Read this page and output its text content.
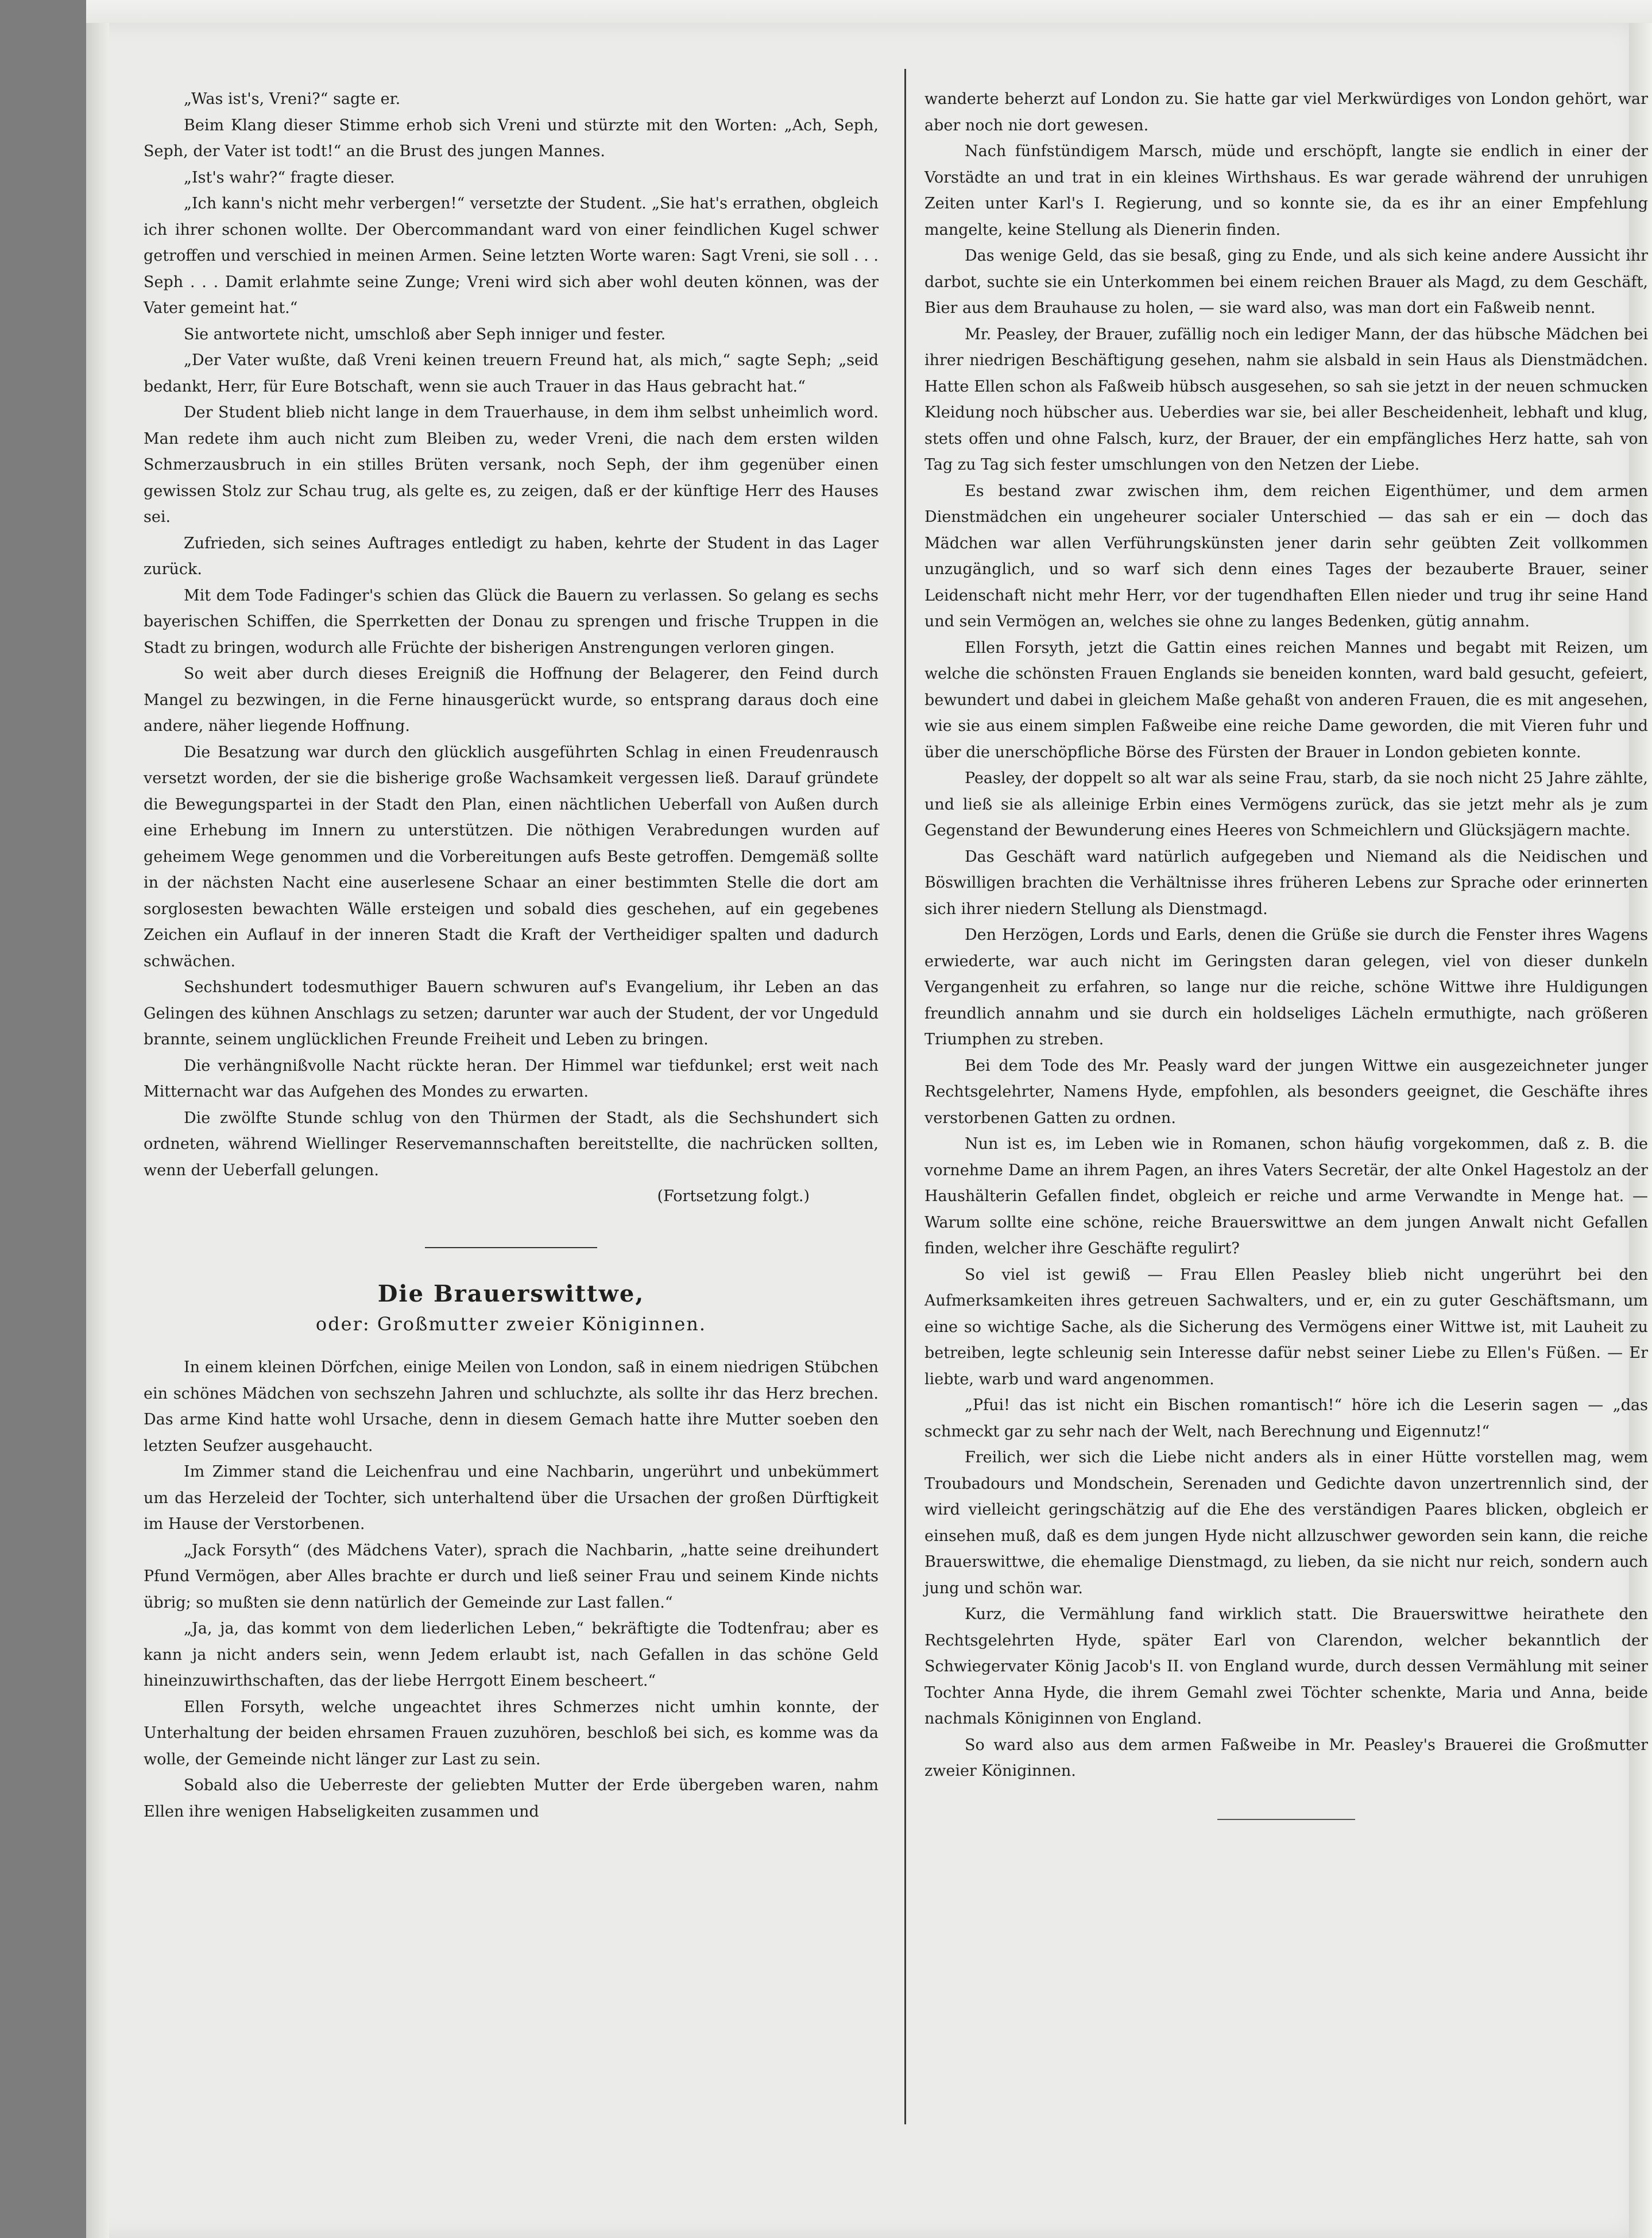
„Was ist's, Vreni?“ sagte er.

Beim Klang dieser Stimme erhob sich Vreni und stürzte mit den Worten: „Ach, Seph, Seph, der Vater ist todt!“ an die Brust des jungen Mannes.

„Ist's wahr?“ fragte dieser.

„Ich kann's nicht mehr verbergen!“ versetzte der Student. „Sie hat's errathen, obgleich ich ihrer schonen wollte. Der Obercommandant ward von einer feindlichen Kugel schwer getroffen und verschied in meinen Armen. Seine letzten Worte waren: Sagt Vreni, sie soll . . . Seph . . . Damit erlahmte seine Zunge; Vreni wird sich aber wohl deuten können, was der Vater gemeint hat.“

Sie antwortete nicht, umschloß aber Seph inniger und fester.

„Der Vater wußte, daß Vreni keinen treuern Freund hat, als mich,“ sagte Seph; „seid bedankt, Herr, für Eure Botschaft, wenn sie auch Trauer in das Haus gebracht hat.“

Der Student blieb nicht lange in dem Trauerhause, in dem ihm selbst unheimlich word. Man redete ihm auch nicht zum Bleiben zu, weder Vreni, die nach dem ersten wilden Schmerzausbruch in ein stilles Brüten versank, noch Seph, der ihm gegenüber einen gewissen Stolz zur Schau trug, als gelte es, zu zeigen, daß er der künftige Herr des Hauses sei.

Zufrieden, sich seines Auftrages entledigt zu haben, kehrte der Student in das Lager zurück.

Mit dem Tode Fadinger's schien das Glück die Bauern zu verlassen. So gelang es sechs bayerischen Schiffen, die Sperrketten der Donau zu sprengen und frische Truppen in die Stadt zu bringen, wodurch alle Früchte der bisherigen Anstrengungen verloren gingen.

So weit aber durch dieses Ereigniß die Hoffnung der Belagerer, den Feind durch Mangel zu bezwingen, in die Ferne hinausgerückt wurde, so entsprang daraus doch eine andere, näher liegende Hoffnung.

Die Besatzung war durch den glücklich ausgeführten Schlag in einen Freudenrausch versetzt worden, der sie die bisherige große Wachsamkeit vergessen ließ. Darauf gründete die Bewegungspartei in der Stadt den Plan, einen nächtlichen Ueberfall von Außen durch eine Erhebung im Innern zu unterstützen. Die nöthigen Verabredungen wurden auf geheimem Wege genommen und die Vorbereitungen aufs Beste getroffen. Demgemäß sollte in der nächsten Nacht eine auserlesene Schaar an einer bestimmten Stelle die dort am sorglosesten bewachten Wälle ersteigen und sobald dies geschehen, auf ein gegebenes Zeichen ein Auflauf in der inneren Stadt die Kraft der Vertheidiger spalten und dadurch schwächen.

Sechshundert todesmuthiger Bauern schwuren auf's Evangelium, ihr Leben an das Gelingen des kühnen Anschlags zu setzen; darunter war auch der Student, der vor Ungeduld brannte, seinem unglücklichen Freunde Freiheit und Leben zu bringen.

Die verhängnißvolle Nacht rückte heran. Der Himmel war tiefdunkel; erst weit nach Mitternacht war das Aufgehen des Mondes zu erwarten.

Die zwölfte Stunde schlug von den Thürmen der Stadt, als die Sechshundert sich ordneten, während Wiellinger Reservemannschaften bereitstellte, die nachrücken sollten, wenn der Ueberfall gelungen.

(Fortsetzung folgt.)

Die Brauerswittwe,

oder: Großmutter zweier Königinnen.

In einem kleinen Dörfchen, einige Meilen von London, saß in einem niedrigen Stübchen ein schönes Mädchen von sechszehn Jahren und schluchzte, als sollte ihr das Herz brechen. Das arme Kind hatte wohl Ursache, denn in diesem Gemach hatte ihre Mutter soeben den letzten Seufzer ausgehaucht.

Im Zimmer stand die Leichenfrau und eine Nachbarin, ungerührt und unbekümmert um das Herzeleid der Tochter, sich unterhaltend über die Ursachen der großen Dürftigkeit im Hause der Verstorbenen.

„Jack Forsyth“ (des Mädchens Vater), sprach die Nachbarin, „hatte seine dreihundert Pfund Vermögen, aber Alles brachte er durch und ließ seiner Frau und seinem Kinde nichts übrig; so mußten sie denn natürlich der Gemeinde zur Last fallen.“

„Ja, ja, das kommt von dem liederlichen Leben,“ bekräftigte die Todtenfrau; aber es kann ja nicht anders sein, wenn Jedem erlaubt ist, nach Gefallen in das schöne Geld hineinzuwirthschaften, das der liebe Herrgott Einem bescheert.“

Ellen Forsyth, welche ungeachtet ihres Schmerzes nicht umhin konnte, der Unterhaltung der beiden ehrsamen Frauen zuzuhören, beschloß bei sich, es komme was da wolle, der Gemeinde nicht länger zur Last zu sein.

Sobald also die Ueberreste der geliebten Mutter der Erde übergeben waren, nahm Ellen ihre wenigen Habseligkeiten zusammen und

wanderte beherzt auf London zu. Sie hatte gar viel Merkwürdiges von London gehört, war aber noch nie dort gewesen.

Nach fünfstündigem Marsch, müde und erschöpft, langte sie endlich in einer der Vorstädte an und trat in ein kleines Wirthshaus. Es war gerade während der unruhigen Zeiten unter Karl's I. Regierung, und so konnte sie, da es ihr an einer Empfehlung mangelte, keine Stellung als Dienerin finden.

Das wenige Geld, das sie besaß, ging zu Ende, und als sich keine andere Aussicht ihr darbot, suchte sie ein Unterkommen bei einem reichen Brauer als Magd, zu dem Geschäft, Bier aus dem Brauhause zu holen, — sie ward also, was man dort ein Faßweib nennt.

Mr. Peasley, der Brauer, zufällig noch ein lediger Mann, der das hübsche Mädchen bei ihrer niedrigen Beschäftigung gesehen, nahm sie alsbald in sein Haus als Dienstmädchen. Hatte Ellen schon als Faßweib hübsch ausgesehen, so sah sie jetzt in der neuen schmucken Kleidung noch hübscher aus. Ueberdies war sie, bei aller Bescheidenheit, lebhaft und klug, stets offen und ohne Falsch, kurz, der Brauer, der ein empfängliches Herz hatte, sah von Tag zu Tag sich fester umschlungen von den Netzen der Liebe.

Es bestand zwar zwischen ihm, dem reichen Eigenthümer, und dem armen Dienstmädchen ein ungeheurer socialer Unterschied — das sah er ein — doch das Mädchen war allen Verführungskünsten jener darin sehr geübten Zeit vollkommen unzugänglich, und so warf sich denn eines Tages der bezauberte Brauer, seiner Leidenschaft nicht mehr Herr, vor der tugendhaften Ellen nieder und trug ihr seine Hand und sein Vermögen an, welches sie ohne zu langes Bedenken, gütig annahm.

Ellen Forsyth, jetzt die Gattin eines reichen Mannes und begabt mit Reizen, um welche die schönsten Frauen Englands sie beneiden konnten, ward bald gesucht, gefeiert, bewundert und dabei in gleichem Maße gehaßt von anderen Frauen, die es mit angesehen, wie sie aus einem simplen Faßweibe eine reiche Dame geworden, die mit Vieren fuhr und über die unerschöpfliche Börse des Fürsten der Brauer in London gebieten konnte.

Peasley, der doppelt so alt war als seine Frau, starb, da sie noch nicht 25 Jahre zählte, und ließ sie als alleinige Erbin eines Vermögens zurück, das sie jetzt mehr als je zum Gegenstand der Bewunderung eines Heeres von Schmeichlern und Glücksjägern machte.

Das Geschäft ward natürlich aufgegeben und Niemand als die Neidischen und Böswilligen brachten die Verhältnisse ihres früheren Lebens zur Sprache oder erinnerten sich ihrer niedern Stellung als Dienstmagd.

Den Herzögen, Lords und Earls, denen die Grüße sie durch die Fenster ihres Wagens erwiederte, war auch nicht im Geringsten daran gelegen, viel von dieser dunkeln Vergangenheit zu erfahren, so lange nur die reiche, schöne Wittwe ihre Huldigungen freundlich annahm und sie durch ein holdseliges Lächeln ermuthigte, nach größeren Triumphen zu streben.

Bei dem Tode des Mr. Peasly ward der jungen Wittwe ein ausgezeichneter junger Rechtsgelehrter, Namens Hyde, empfohlen, als besonders geeignet, die Geschäfte ihres verstorbenen Gatten zu ordnen.

Nun ist es, im Leben wie in Romanen, schon häufig vorgekommen, daß z. B. die vornehme Dame an ihrem Pagen, an ihres Vaters Secretär, der alte Onkel Hagestolz an der Haushälterin Gefallen findet, obgleich er reiche und arme Verwandte in Menge hat. — Warum sollte eine schöne, reiche Brauerswittwe an dem jungen Anwalt nicht Gefallen finden, welcher ihre Geschäfte regulirt?

So viel ist gewiß — Frau Ellen Peasley blieb nicht ungerührt bei den Aufmerksamkeiten ihres getreuen Sachwalters, und er, ein zu guter Geschäftsmann, um eine so wichtige Sache, als die Sicherung des Vermögens einer Wittwe ist, mit Lauheit zu betreiben, legte schleunig sein Interesse dafür nebst seiner Liebe zu Ellen's Füßen. — Er liebte, warb und ward angenommen.

„Pfui! das ist nicht ein Bischen romantisch!“ höre ich die Leserin sagen — „das schmeckt gar zu sehr nach der Welt, nach Berechnung und Eigennutz!“

Freilich, wer sich die Liebe nicht anders als in einer Hütte vorstellen mag, wem Troubadours und Mondschein, Serenaden und Gedichte davon unzertrennlich sind, der wird vielleicht geringschätzig auf die Ehe des verständigen Paares blicken, obgleich er einsehen muß, daß es dem jungen Hyde nicht allzuschwer geworden sein kann, die reiche Brauerswittwe, die ehemalige Dienstmagd, zu lieben, da sie nicht nur reich, sondern auch jung und schön war.

Kurz, die Vermählung fand wirklich statt. Die Brauerswittwe heirathete den Rechtsgelehrten Hyde, später Earl von Clarendon, welcher bekanntlich der Schwiegervater König Jacob's II. von England wurde, durch dessen Vermählung mit seiner Tochter Anna Hyde, die ihrem Gemahl zwei Töchter schenkte, Maria und Anna, beide nachmals Königinnen von England.

So ward also aus dem armen Faßweibe in Mr. Peasley's Brauerei die Großmutter zweier Königinnen.
